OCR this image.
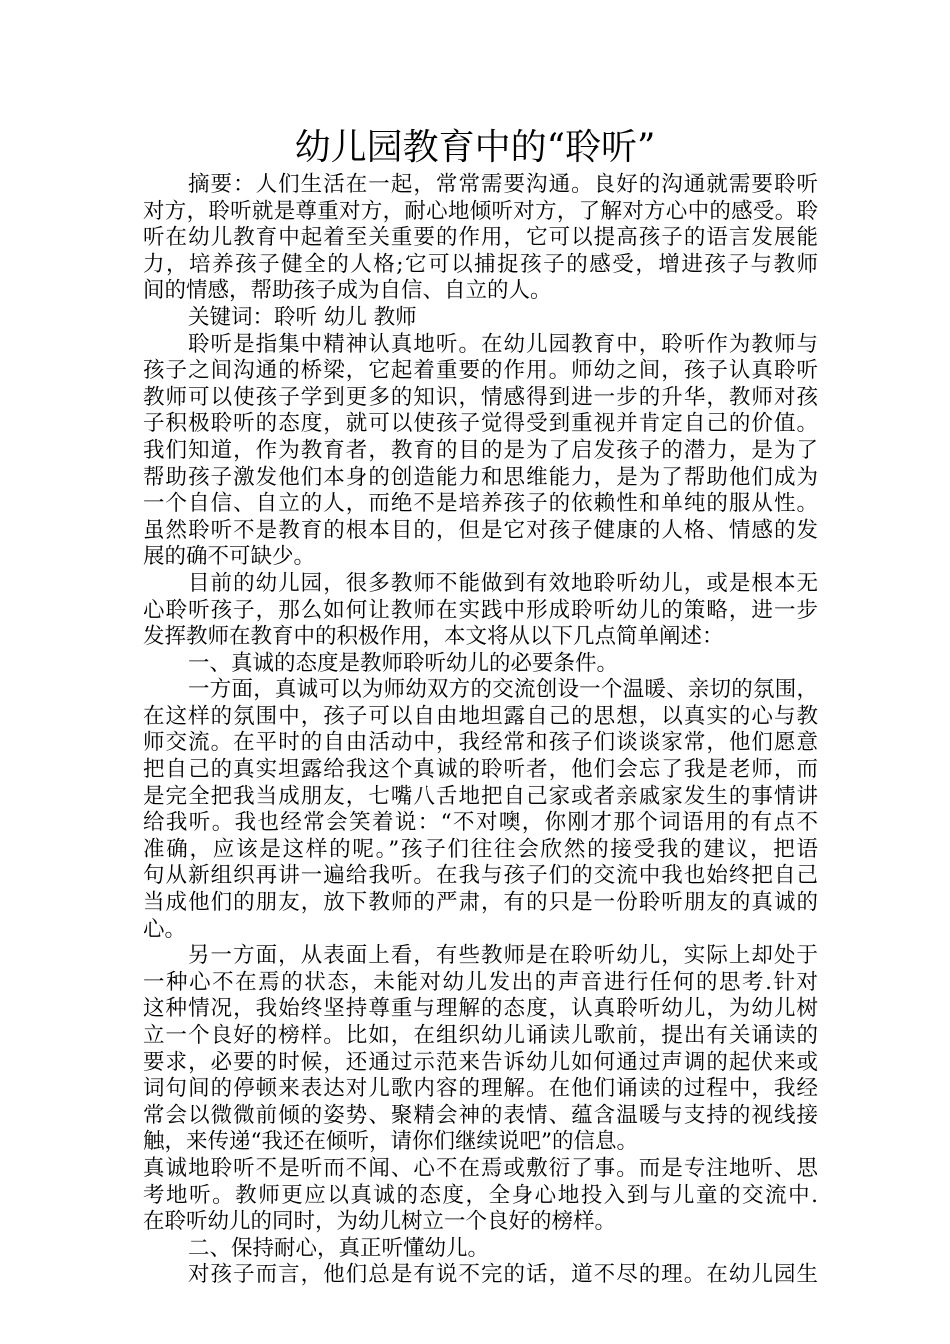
幼儿园教育中的“聆听”
摘要：人们生活在一起，常常需要沟通。良好的沟通就需要聆听
对方，聆听就是尊重对方，耐心地倾听对方，了解对方心中的感受。聆
听在幼儿教育中起着至关重要的作用，它可以提高孩子的语言发展能
力，培养孩子健全的人格;它可以捕捉孩子的感受，增进孩子与教师
间的情感，帮助孩子成为自信、自立的人。
关键词：聆听 幼儿 教师
聆听是指集中精神认真地听。在幼儿园教育中，聆听作为教师与
孩子之间沟通的桥梁，它起着重要的作用。师幼之间，孩子认真聆听
教师可以使孩子学到更多的知识，情感得到进一步的升华，教师对孩
子积极聆听的态度，就可以使孩子觉得受到重视并肯定自己的价值。
我们知道，作为教育者，教育的目的是为了启发孩子的潜力，是为了
帮助孩子激发他们本身的创造能力和思维能力，是为了帮助他们成为
一个自信、自立的人，而绝不是培养孩子的依赖性和单纯的服从性。
虽然聆听不是教育的根本目的，但是它对孩子健康的人格、情感的发
展的确不可缺少。
目前的幼儿园，很多教师不能做到有效地聆听幼儿，或是根本无
心聆听孩子，那么如何让教师在实践中形成聆听幼儿的策略，进一步
发挥教师在教育中的积极作用，本文将从以下几点简单阐述：
一、真诚的态度是教师聆听幼儿的必要条件。
一方面，真诚可以为师幼双方的交流创设一个温暖、亲切的氛围，
在这样的氛围中，孩子可以自由地坦露自己的思想，以真实的心与教
师交流。在平时的自由活动中，我经常和孩子们谈谈家常，他们愿意
把自己的真实坦露给我这个真诚的聆听者，他们会忘了我是老师，而
是完全把我当成朋友，七嘴八舌地把自己家或者亲戚家发生的事情讲
给我听。我也经常会笑着说：“不对噢，你刚才那个词语用的有点不
准确，应该是这样的呢。”孩子们往往会欣然的接受我的建议，把语
句从新组织再讲一遍给我听。在我与孩子们的交流中我也始终把自己
当成他们的朋友，放下教师的严肃，有的只是一份聆听朋友的真诚的
心。
另一方面，从表面上看，有些教师是在聆听幼儿，实际上却处于
一种心不在焉的状态，未能对幼儿发出的声音进行任何的思考.针对
这种情况，我始终坚持尊重与理解的态度，认真聆听幼儿，为幼儿树
立一个良好的榜样。比如，在组织幼儿诵读儿歌前，提出有关诵读的
要求，必要的时候，还通过示范来告诉幼儿如何通过声调的起伏来或
词句间的停顿来表达对儿歌内容的理解。在他们诵读的过程中，我经
常会以微微前倾的姿势、聚精会神的表情、蕴含温暖与支持的视线接
触，来传递“我还在倾听，请你们继续说吧”的信息。
真诚地聆听不是听而不闻、心不在焉或敷衍了事。而是专注地听、思
考地听。教师更应以真诚的态度，全身心地投入到与儿童的交流中.
在聆听幼儿的同时，为幼儿树立一个良好的榜样。
二、保持耐心，真正听懂幼儿。
对孩子而言，他们总是有说不完的话，道不尽的理。在幼儿园生
